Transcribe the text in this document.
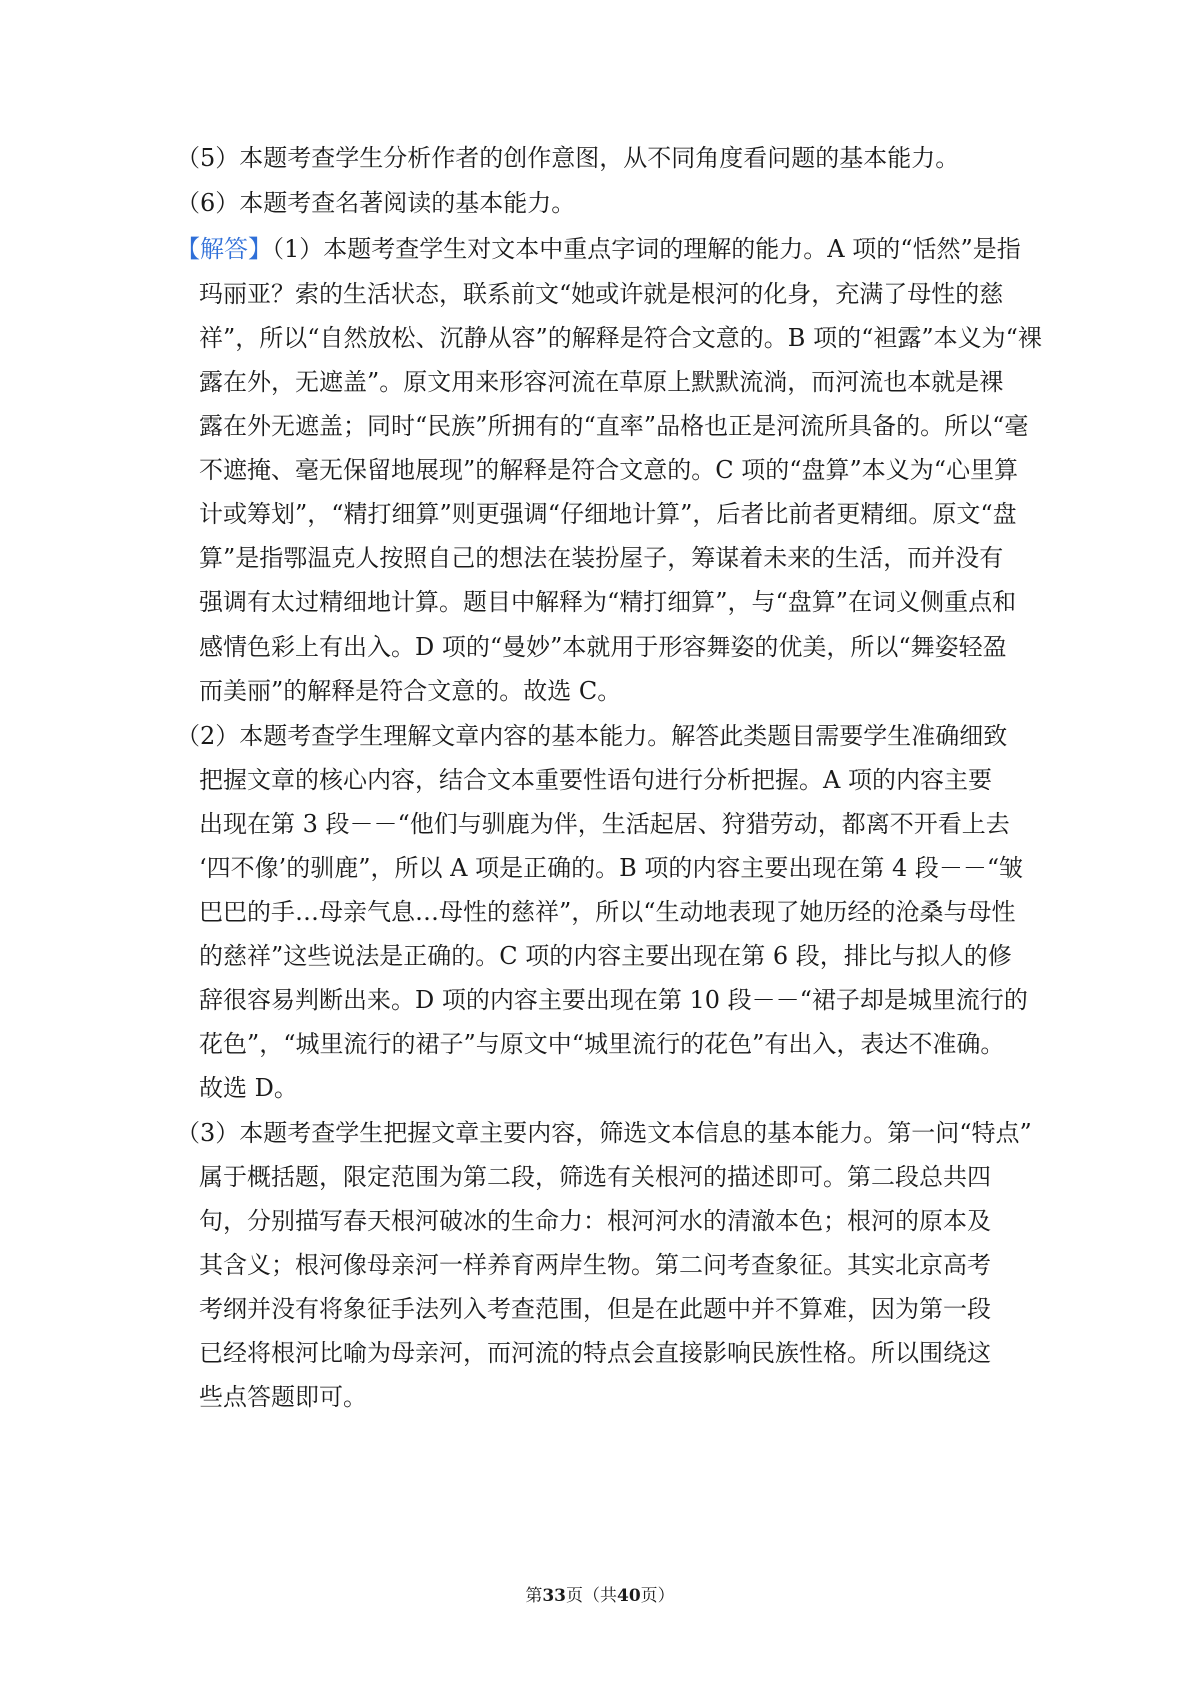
（5）本题考查学生分析作者的创作意图，从不同角度看问题的基本能力。
（6）本题考查名著阅读的基本能力。
【解答】（1）本题考查学生对文本中重点字词的理解的能力。A 项的“恬然”是指
玛丽亚？索的生活状态，联系前文“她或许就是根河的化身，充满了母性的慈
祥”，所以“自然放松、沉静从容”的解释是符合文意的。B 项的“袒露”本义为“裸
露在外，无遮盖”。原文用来形容河流在草原上默默流淌，而河流也本就是裸
露在外无遮盖；同时“民族”所拥有的“直率”品格也正是河流所具备的。所以“毫
不遮掩、毫无保留地展现”的解释是符合文意的。C 项的“盘算”本义为“心里算
计或筹划”，“精打细算”则更强调“仔细地计算”，后者比前者更精细。原文“盘
算”是指鄂温克人按照自己的想法在装扮屋子，筹谋着未来的生活，而并没有
强调有太过精细地计算。题目中解释为“精打细算”，与“盘算”在词义侧重点和
感情色彩上有出入。D 项的“曼妙”本就用于形容舞姿的优美，所以“舞姿轻盈
而美丽”的解释是符合文意的。故选 C。
（2）本题考查学生理解文章内容的基本能力。解答此类题目需要学生准确细致
把握文章的核心内容，结合文本重要性语句进行分析把握。A 项的内容主要
出现在第 3 段－－“他们与驯鹿为伴，生活起居、狩猎劳动，都离不开看上去
‘四不像’的驯鹿”，所以 A 项是正确的。B 项的内容主要出现在第 4 段－－“皱
巴巴的手…母亲气息…母性的慈祥”，所以“生动地表现了她历经的沧桑与母性
的慈祥”这些说法是正确的。C 项的内容主要出现在第 6 段，排比与拟人的修
辞很容易判断出来。D 项的内容主要出现在第 10 段－－“裙子却是城里流行的
花色”，“城里流行的裙子”与原文中“城里流行的花色”有出入，表达不准确。
故选 D。
（3）本题考查学生把握文章主要内容，筛选文本信息的基本能力。第一问“特点”
属于概括题，限定范围为第二段，筛选有关根河的描述即可。第二段总共四
句，分别描写春天根河破冰的生命力：根河河水的清澈本色；根河的原本及
其含义；根河像母亲河一样养育两岸生物。第二问考查象征。其实北京高考
考纲并没有将象征手法列入考查范围，但是在此题中并不算难，因为第一段
已经将根河比喻为母亲河，而河流的特点会直接影响民族性格。所以围绕这
些点答题即可。
第33页（共40页）
